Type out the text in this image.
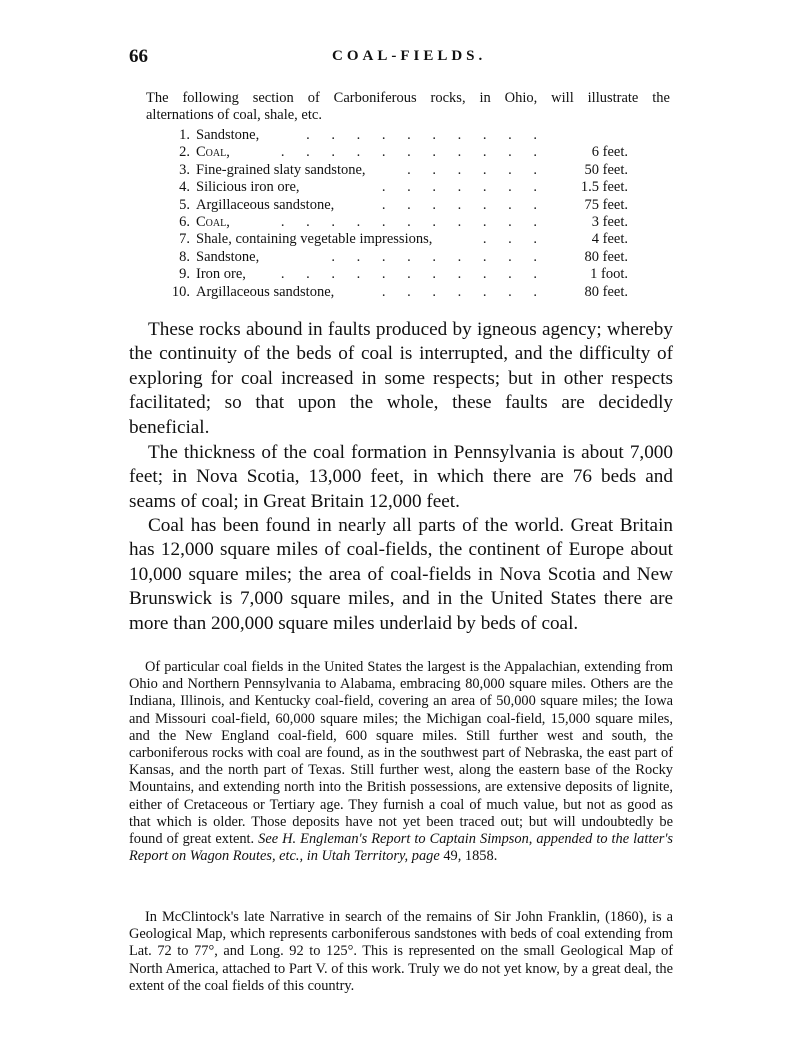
66	COAL-FIELDS.
The following section of Carboniferous rocks, in Ohio, will illustrate the
alternations of coal, shale, etc.
1. Sandstone,	. . . . . . . . . .
2. Coal,	. . . . . . . . . . .	6 feet.
3. Fine-grained slaty sandstone,	. . . . . .	50 feet.
4. Silicious iron ore,	. . . . . . .	1.5 feet.
5. Argillaceous sandstone,	. . . . . . .	75 feet.
6. Coal,	. . . . . . . . . . .	3 feet.
7. Shale, containing vegetable impressions,	. . .	4 feet.
8. Sandstone,	. . . . . . . . .	80 feet.
9. Iron ore, . . . . . . . . . . .	1 foot.
10. Argillaceous sandstone,	. . . . . . .	80 feet.

These rocks abound in faults produced by igneous agency; whereby the continuity of the beds of coal is interrupted, and the difficulty of exploring for coal increased in some respects; but in other respects facilitated; so that upon the whole, these faults are decidedly beneficial.

The thickness of the coal formation in Pennsylvania is about 7,000 feet; in Nova Scotia, 13,000 feet, in which there are 76 beds and seams of coal; in Great Britain 12,000 feet.

Coal has been found in nearly all parts of the world. Great Britain has 12,000 square miles of coal-fields, the continent of Europe about 10,000 square miles; the area of coal-fields in Nova Scotia and New Brunswick is 7,000 square miles, and in the United States there are more than 200,000 square miles underlaid by beds of coal.

Of particular coal fields in the United States the largest is the Appalachian, extending from Ohio and Northern Pennsylvania to Alabama, embracing 80,000 square miles. Others are the Indiana, Illinois, and Kentucky coal-field, covering an area of 50,000 square miles; the Iowa and Missouri coal-field, 60,000 square miles; the Michigan coal-field, 15,000 square miles, and the New England coal-field, 600 square miles. Still further west and south, the carboniferous rocks with coal are found, as in the southwest part of Nebraska, the east part of Kansas, and the north part of Texas. Still further west, along the eastern base of the Rocky Mountains, and extending north into the British possessions, are extensive deposits of lignite, either of Cretaceous or Tertiary age. They furnish a coal of much value, but not as good as that which is older. Those deposits have not yet been traced out; but will undoubtedly be found of great extent. See H. Engleman's Report to Captain Simpson, appended to the latter's Report on Wagon Routes, etc., in Utah Territory, page 49, 1858.

In McClintock's late Narrative in search of the remains of Sir John Franklin, (1860), is a Geological Map, which represents carboniferous sandstones with beds of coal extending from Lat. 72 to 77°, and Long. 92 to 125°. This is represented on the small Geological Map of North America, attached to Part V. of this work. Truly we do not yet know, by a great deal, the extent of the coal fields of this country.
